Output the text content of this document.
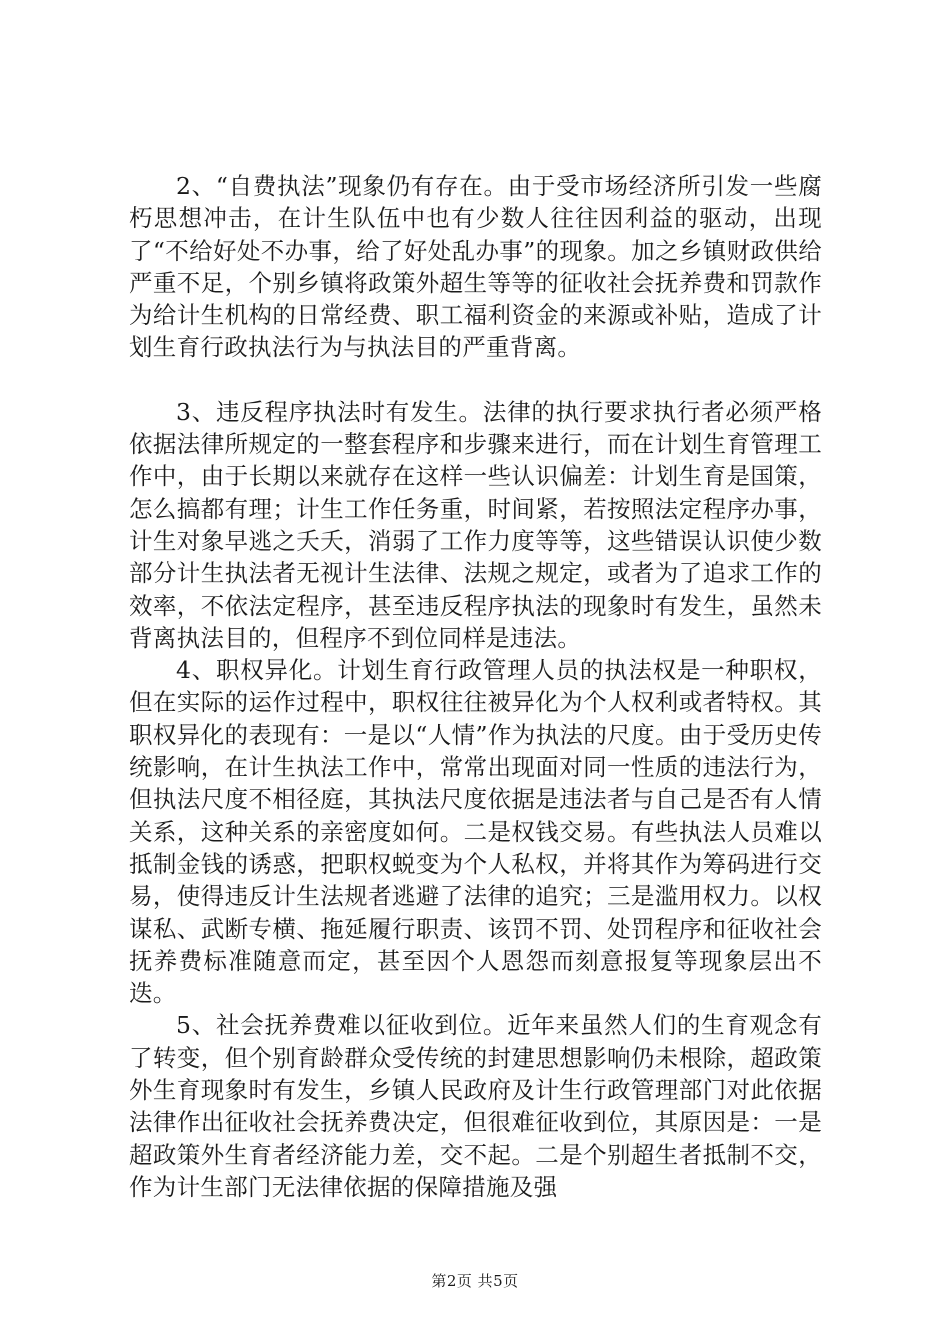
2、“自费执法”现象仍有存在。由于受市场经济所引发一些腐朽思想冲击，在计生队伍中也有少数人往往因利益的驱动，出现了“不给好处不办事，给了好处乱办事”的现象。加之乡镇财政供给严重不足，个别乡镇将政策外超生等等的征收社会抚养费和罚款作为给计生机构的日常经费、职工福利资金的来源或补贴，造成了计划生育行政执法行为与执法目的严重背离。

3、违反程序执法时有发生。法律的执行要求执行者必须严格依据法律所规定的一整套程序和步骤来进行，而在计划生育管理工作中，由于长期以来就存在这样一些认识偏差：计划生育是国策，怎么搞都有理；计生工作任务重，时间紧，若按照法定程序办事，计生对象早逃之夭夭，消弱了工作力度等等，这些错误认识使少数部分计生执法者无视计生法律、法规之规定，或者为了追求工作的效率，不依法定程序，甚至违反程序执法的现象时有发生，虽然未背离执法目的，但程序不到位同样是违法。

4、职权异化。计划生育行政管理人员的执法权是一种职权，但在实际的运作过程中，职权往往被异化为个人权利或者特权。其职权异化的表现有：一是以“人情”作为执法的尺度。由于受历史传统影响，在计生执法工作中，常常出现面对同一性质的违法行为，但执法尺度不相径庭，其执法尺度依据是违法者与自己是否有人情关系，这种关系的亲密度如何。二是权钱交易。有些执法人员难以抵制金钱的诱惑，把职权蜕变为个人私权，并将其作为筹码进行交易，使得违反计生法规者逃避了法律的追究；三是滥用权力。以权谋私、武断专横、拖延履行职责、该罚不罚、处罚程序和征收社会抚养费标准随意而定，甚至因个人恩怨而刻意报复等现象层出不迭。

5、社会抚养费难以征收到位。近年来虽然人们的生育观念有了转变，但个别育龄群众受传统的封建思想影响仍未根除，超政策外生育现象时有发生，乡镇人民政府及计生行政管理部门对此依据法律作出征收社会抚养费决定，但很难征收到位，其原因是：一是超政策外生育者经济能力差，交不起。二是个别超生者抵制不交，作为计生部门无法律依据的保障措施及强

第2页 共5页
